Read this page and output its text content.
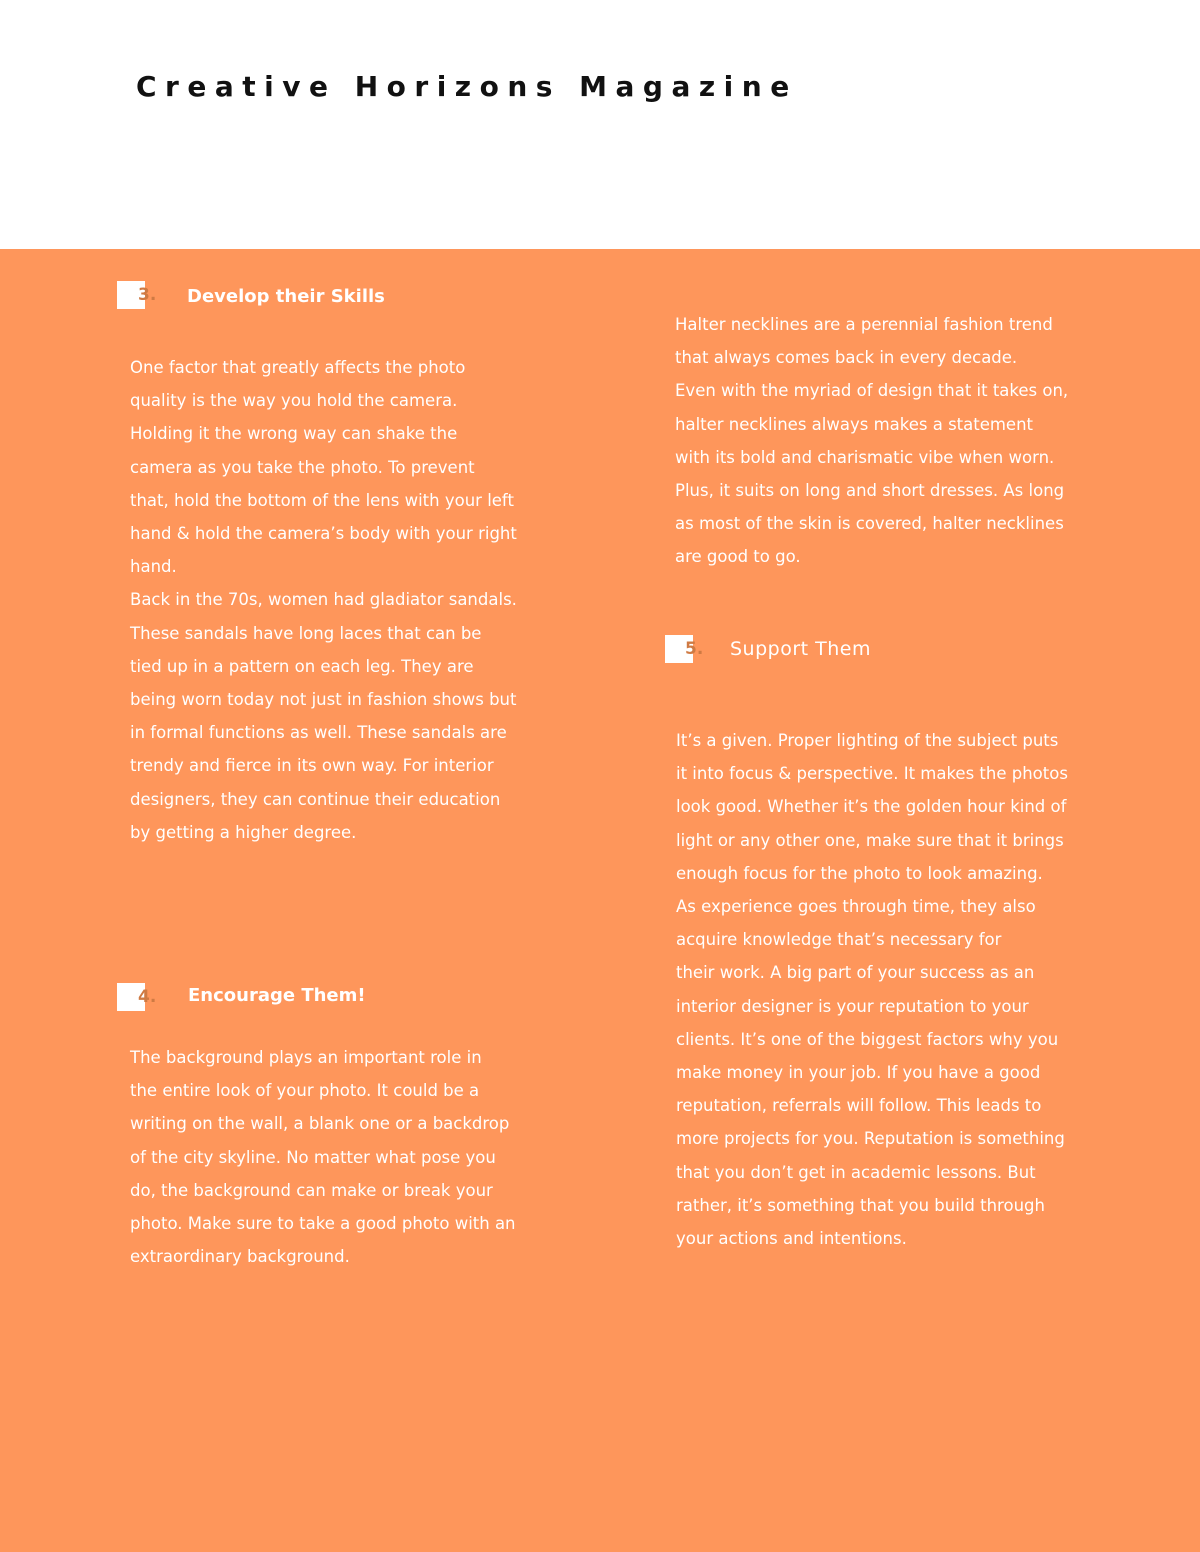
Creative Horizons Magazine
3. Develop their Skills

One factor that greatly affects the photo
quality is the way you hold the camera.
Holding it the wrong way can shake the
camera as you take the photo. To prevent
that, hold the bottom of the lens with your left
hand & hold the camera’s body with your right
hand.
Back in the 70s, women had gladiator sandals.
These sandals have long laces that can be
tied up in a pattern on each leg. They are
being worn today not just in fashion shows but
in formal functions as well. These sandals are
trendy and fierce in its own way. For interior
designers, they can continue their education
by getting a higher degree.

4. Encourage Them!

The background plays an important role in
the entire look of your photo. It could be a
writing on the wall, a blank one or a backdrop
of the city skyline. No matter what pose you
do, the background can make or break your
photo. Make sure to take a good photo with an
extraordinary background.

Halter necklines are a perennial fashion trend
that always comes back in every decade.
Even with the myriad of design that it takes on,
halter necklines always makes a statement
with its bold and charismatic vibe when worn.
Plus, it suits on long and short dresses. As long
as most of the skin is covered, halter necklines
are good to go.

5. Support Them

It’s a given. Proper lighting of the subject puts
it into focus & perspective. It makes the photos
look good. Whether it’s the golden hour kind of
light or any other one, make sure that it brings
enough focus for the photo to look amazing.
As experience goes through time, they also
acquire knowledge that’s necessary for
their work. A big part of your success as an
interior designer is your reputation to your
clients. It’s one of the biggest factors why you
make money in your job. If you have a good
reputation, referrals will follow. This leads to
more projects for you. Reputation is something
that you don’t get in academic lessons. But
rather, it’s something that you build through
your actions and intentions.
